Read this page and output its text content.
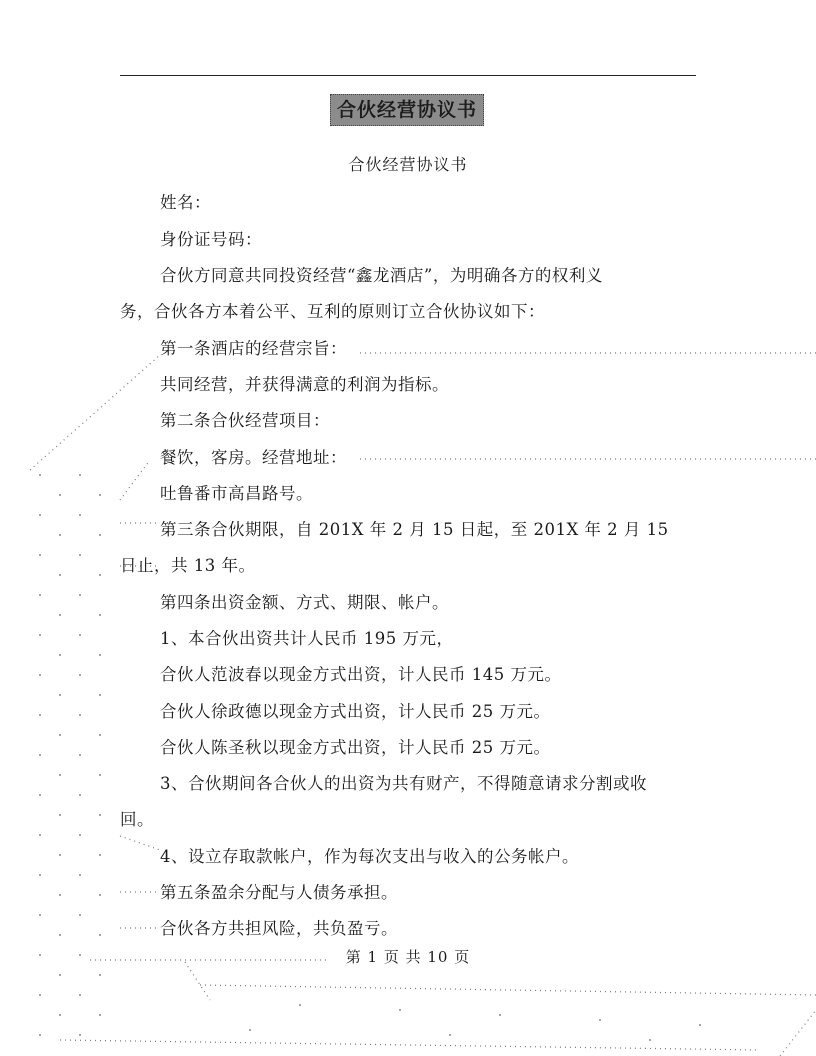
合伙经营协议书
合伙经营协议书
姓名：
身份证号码：
合伙方同意共同投资经营“鑫龙酒店”，为明确各方的权利义
务，合伙各方本着公平、互利的原则订立合伙协议如下：
第一条酒店的经营宗旨：
共同经营，并获得满意的利润为指标。
第二条合伙经营项目：
餐饮，客房。经营地址：
吐鲁番市高昌路号。
第三条合伙期限，自 201X 年 2 月 15 日起，至 201X 年 2 月 15
日止，共 13 年。
第四条出资金额、方式、期限、帐户。
1、本合伙出资共计人民币 195 万元，
合伙人范波春以现金方式出资，计人民币 145 万元。
合伙人徐政德以现金方式出资，计人民币 25 万元。
合伙人陈圣秋以现金方式出资，计人民币 25 万元。
3、合伙期间各合伙人的出资为共有财产，不得随意请求分割或收
回。
4、设立存取款帐户，作为每次支出与收入的公务帐户。
第五条盈余分配与人债务承担。
合伙各方共担风险，共负盈亏。
第 1 页 共 10 页
